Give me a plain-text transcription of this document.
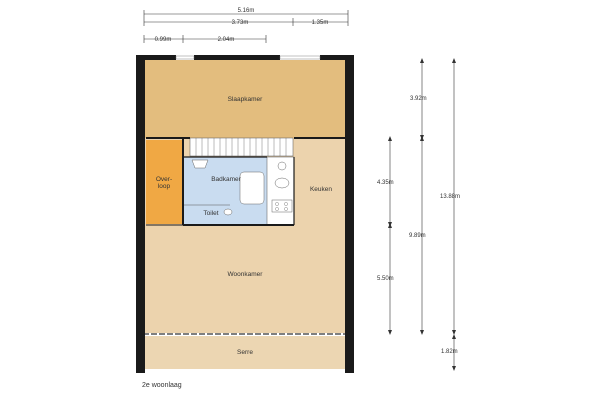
5.16m
3.73m	1.35m
0.99m	2.04m
Slaapkamer
Over-
loop
Badkamer
Toilet
Keuken
Woonkamer
Serre
3.92m
4.35m
5.50m
9.89m
13.88m
1.82m
2e woonlaag
